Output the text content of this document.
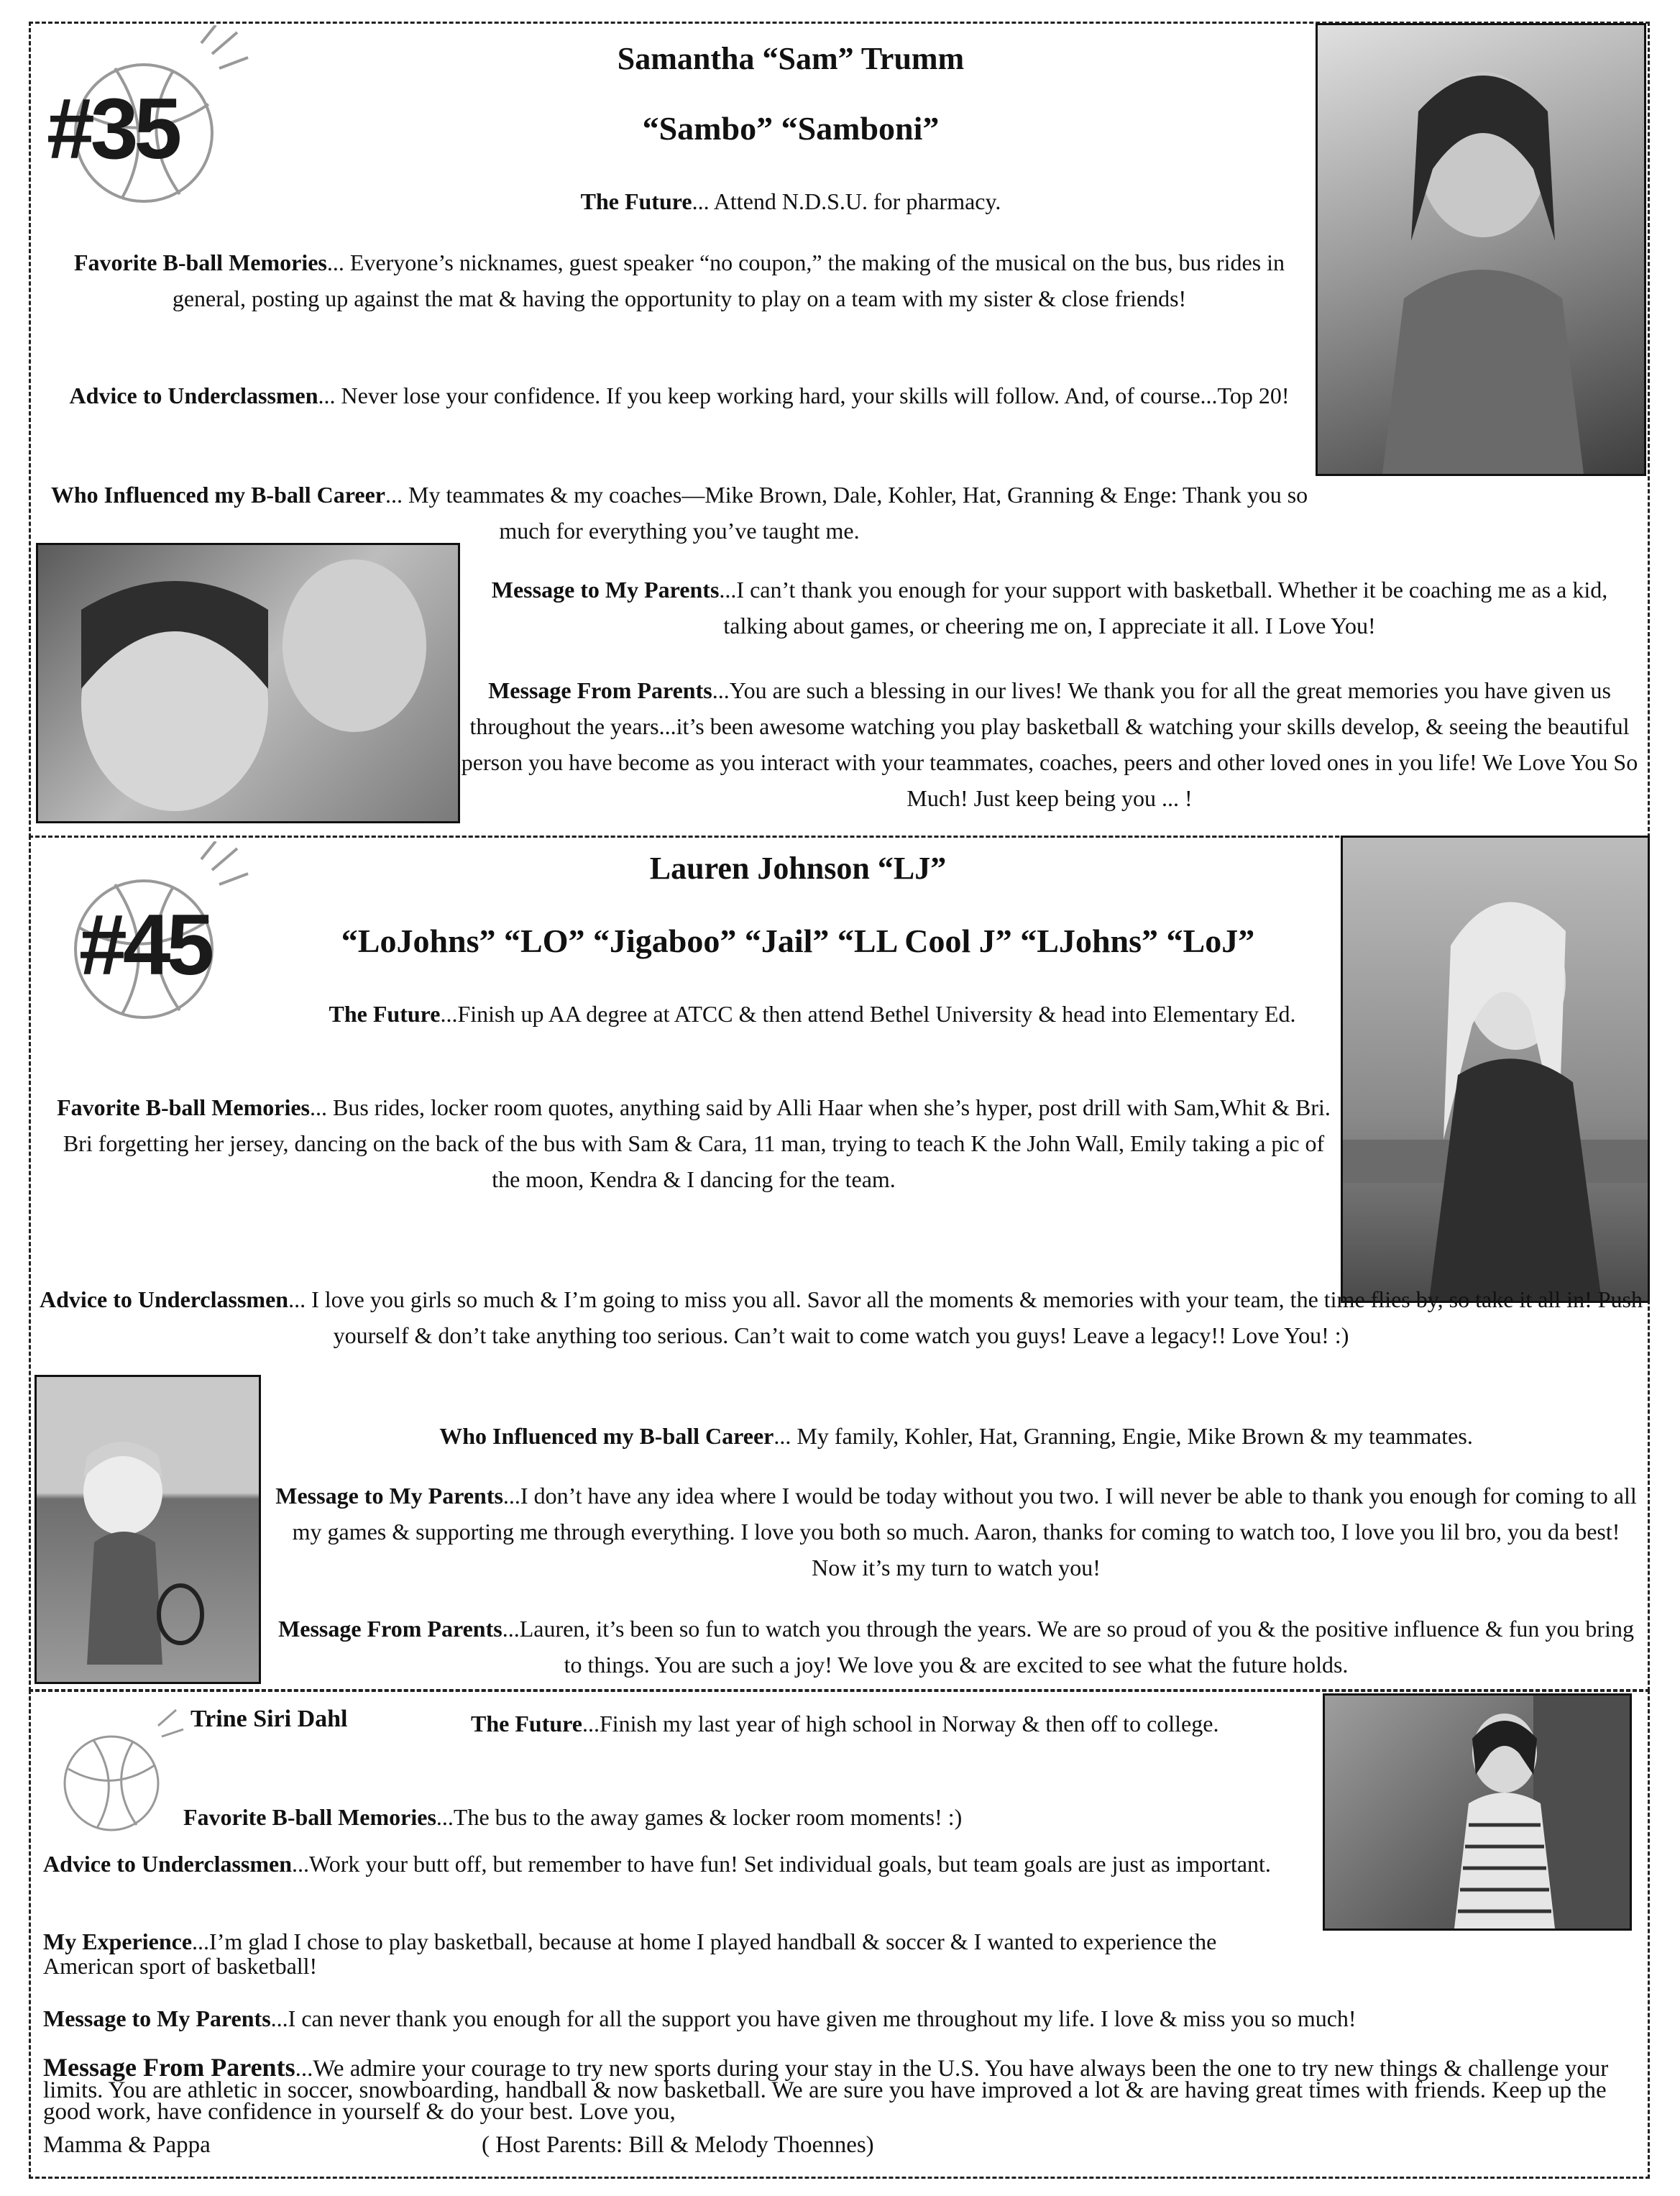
#35
Samantha “Sam” Trumm
“Sambo” “Samboni”
The Future... Attend N.D.S.U. for pharmacy.
Favorite B-ball Memories... Everyone’s nicknames, guest speaker “no coupon,” the making of the musical on the bus, bus rides in general, posting up against the mat & having the opportunity to play on a team with my sister & close friends!
Advice to Underclassmen... Never lose your confidence. If you keep working hard, your skills will follow. And, of course...Top 20!
Who Influenced my B-ball Career... My teammates & my coaches—Mike Brown, Dale, Kohler, Hat, Granning & Enge: Thank you so much for everything you’ve taught me.
Message to My Parents...I can’t thank you enough for your support with basketball. Whether it be coaching me as a kid, talking about games, or cheering me on, I appreciate it all. I Love You!
Message From Parents...You are such a blessing in our lives! We thank you for all the great memories you have given us throughout the years...it’s been awesome watching you play basketball & watching your skills develop, & seeing the beautiful person you have become as you interact with your teammates, coaches, peers and other loved ones in you life! We Love You So Much! Just keep being you ... !
#45
Lauren Johnson “LJ”
“LoJohns” “LO” “Jigaboo” “Jail” “LL Cool J” “LJohns” “LoJ”
The Future...Finish up AA degree at ATCC & then attend Bethel University & head into Elementary Ed.
Favorite B-ball Memories... Bus rides, locker room quotes, anything said by Alli Haar when she’s hyper, post drill with Sam,Whit & Bri. Bri forgetting her jersey, dancing on the back of the bus with Sam & Cara, 11 man, trying to teach K the John Wall, Emily taking a pic of the moon, Kendra & I dancing for the team.
Advice to Underclassmen... I love you girls so much & I’m going to miss you all. Savor all the moments & memories with your team, the time flies by, so take it all in! Push yourself & don’t take anything too serious. Can’t wait to come watch you guys! Leave a legacy!! Love You! :)
Who Influenced my B-ball Career... My family, Kohler, Hat, Granning, Engie, Mike Brown & my teammates.
Message to My Parents...I don’t have any idea where I would be today without you two. I will never be able to thank you enough for coming to all my games & supporting me through everything. I love you both so much. Aaron, thanks for coming to watch too, I love you lil bro, you da best! Now it’s my turn to watch you!
Message From Parents...Lauren, it’s been so fun to watch you through the years. We are so proud of you & the positive influence & fun you bring to things. You are such a joy! We love you & are excited to see what the future holds.
Trine Siri Dahl	The Future...Finish my last year of high school in Norway & then off to college.
Favorite B-ball Memories...The bus to the away games & locker room moments! :)
Advice to Underclassmen...Work your butt off, but remember to have fun! Set individual goals, but team goals are just as important.
My Experience...I’m glad I chose to play basketball, because at home I played handball & soccer & I wanted to experience the American sport of basketball!
Message to My Parents...I can never thank you enough for all the support you have given me throughout my life. I love & miss you so much!
Message From Parents...We admire your courage to try new sports during your stay in the U.S. You have always been the one to try new things & challenge your limits. You are athletic in soccer, snowboarding, handball & now basketball. We are sure you have improved a lot & are having great times with friends. Keep up the good work, have confidence in yourself & do your best. Love you,
Mamma & Pappa	( Host Parents: Bill & Melody Thoennes)
